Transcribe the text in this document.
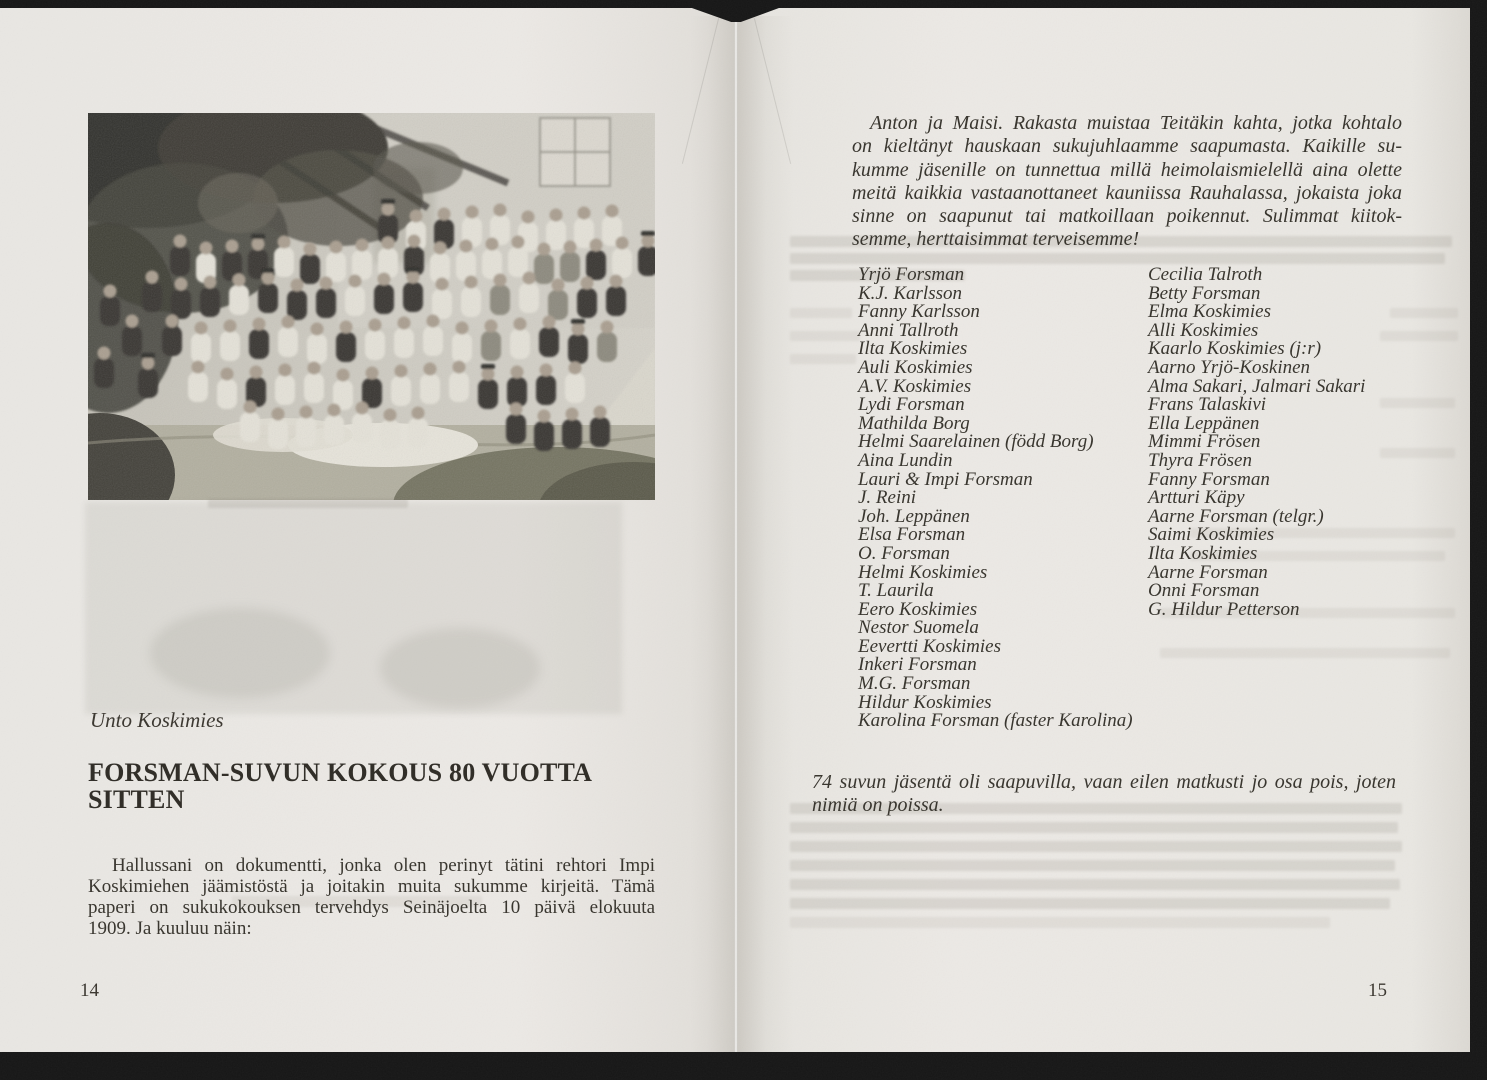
Unto Koskimies
FORSMAN-SUVUN KOKOUS 80 VUOTTA
SITTEN
Hallussani on dokumentti, jonka olen perinyt tätini rehtori Impi
Koskimiehen jäämistöstä ja joitakin muita sukumme kirjeitä. Tämä
paperi on sukukokouksen tervehdys Seinäjoelta 10 päivä elokuuta
1909. Ja kuuluu näin:
14
Anton ja Maisi. Rakasta muistaa Teitäkin kahta, jotka kohtalo
on kieltänyt hauskaan sukujuhlaamme saapumasta. Kaikille su-
kumme jäsenille on tunnettua millä heimolaismielellä aina olette
meitä kaikkia vastaanottaneet kauniissa Rauhalassa, jokaista joka
sinne on saapunut tai matkoillaan poikennut. Sulimmat kiitok-
semme, herttaisimmat terveisemme!
Yrjö Forsman
K.J. Karlsson
Fanny Karlsson
Anni Tallroth
Ilta Koskimies
Auli Koskimies
A.V. Koskimies
Lydi Forsman
Mathilda Borg
Helmi Saarelainen (född Borg)
Aina Lundin
Lauri & Impi Forsman
J. Reini
Joh. Leppänen
Elsa Forsman
O. Forsman
Helmi Koskimies
T. Laurila
Eero Koskimies
Nestor Suomela
Eevertti Koskimies
Inkeri Forsman
M.G. Forsman
Hildur Koskimies
Karolina Forsman (faster Karolina)
Cecilia Talroth
Betty Forsman
Elma Koskimies
Alli Koskimies
Kaarlo Koskimies (j:r)
Aarno Yrjö-Koskinen
Alma Sakari, Jalmari Sakari
Frans Talaskivi
Ella Leppänen
Mimmi Frösen
Thyra Frösen
Fanny Forsman
Artturi Käpy
Aarne Forsman (telgr.)
Saimi Koskimies
Ilta Koskimies
Aarne Forsman
Onni Forsman
G. Hildur Petterson
74 suvun jäsentä oli saapuvilla, vaan eilen matkusti jo osa pois, joten
nimiä on poissa.
15
